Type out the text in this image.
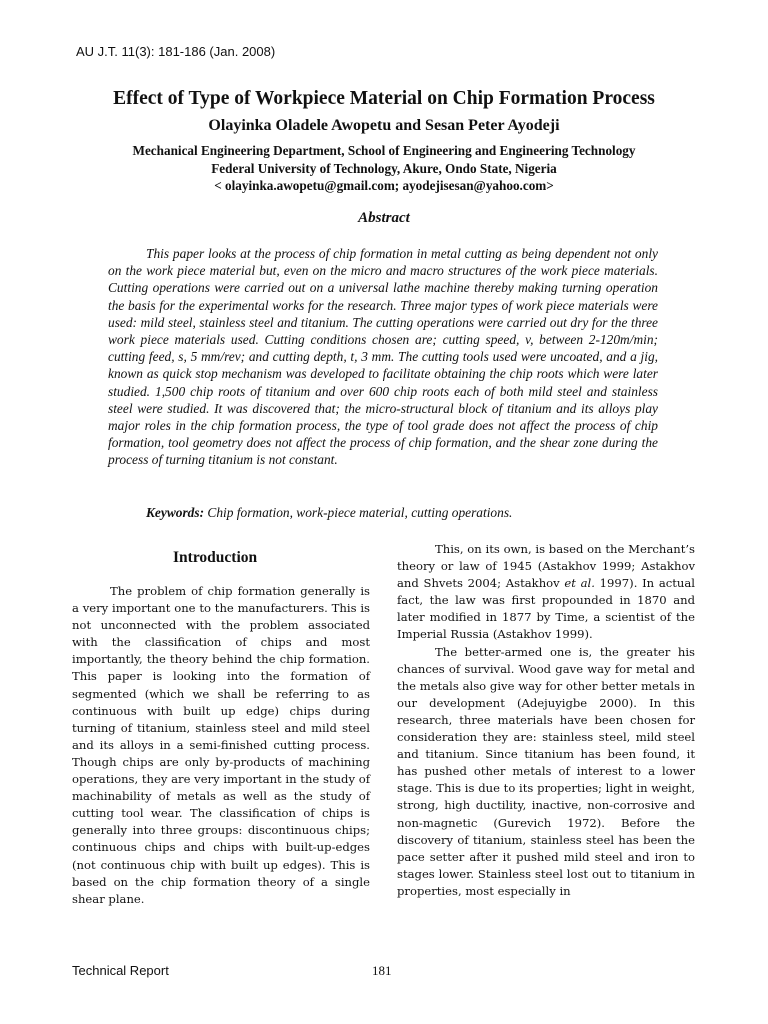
AU J.T. 11(3): 181-186 (Jan. 2008)
Effect of Type of Workpiece Material on Chip Formation Process
Olayinka Oladele Awopetu and Sesan Peter Ayodeji
Mechanical Engineering Department, School of Engineering and Engineering Technology
Federal University of Technology, Akure, Ondo State, Nigeria
< olayinka.awopetu@gmail.com; ayodejisesan@yahoo.com>
Abstract

This paper looks at the process of chip formation in metal cutting as being dependent not only on the work piece material but, even on the micro and macro structures of the work piece materials. Cutting operations were carried out on a universal lathe machine thereby making turning operation the basis for the experimental works for the research. Three major types of work piece materials were used: mild steel, stainless steel and titanium. The cutting operations were carried out dry for the three work piece materials used. Cutting conditions chosen are; cutting speed, v, between 2-120m/min; cutting feed, s, 5 mm/rev; and cutting depth, t, 3 mm. The cutting tools used were uncoated, and a jig, known as quick stop mechanism was developed to facilitate obtaining the chip roots which were later studied. 1,500 chip roots of titanium and over 600 chip roots each of both mild steel and stainless steel were studied. It was discovered that; the micro-structural block of titanium and its alloys play major roles in the chip formation process, the type of tool grade does not affect the process of chip formation, tool geometry does not affect the process of chip formation, and the shear zone during the process of turning titanium is not constant.

Keywords: Chip formation, work-piece material, cutting operations.
Introduction

The problem of chip formation generally is a very important one to the manufacturers. This is not unconnected with the problem associated with the classification of chips and most importantly, the theory behind the chip formation. This paper is looking into the formation of segmented (which we shall be referring to as continuous with built up edge) chips during turning of titanium, stainless steel and mild steel and its alloys in a semi-finished cutting process. Though chips are only by-products of machining operations, they are very important in the study of machinability of metals as well as the study of cutting tool wear. The classification of chips is generally into three groups: discontinuous chips; continuous chips and chips with built-up-edges (not continuous chip with built up edges). This is based on the chip formation theory of a single shear plane.

This, on its own, is based on the Merchant’s theory or law of 1945 (Astakhov 1999; Astakhov and Shvets 2004; Astakhov et al. 1997). In actual fact, the law was first propounded in 1870 and later modified in 1877 by Time, a scientist of the Imperial Russia (Astakhov 1999).

The better-armed one is, the greater his chances of survival. Wood gave way for metal and the metals also give way for other better metals in our development (Adejuyigbe 2000). In this research, three materials have been chosen for consideration they are: stainless steel, mild steel and titanium. Since titanium has been found, it has pushed other metals of interest to a lower stage. This is due to its properties; light in weight, strong, high ductility, inactive, non-corrosive and non-magnetic (Gurevich 1972). Before the discovery of titanium, stainless steel has been the pace setter after it pushed mild steel and iron to stages lower. Stainless steel lost out to titanium in properties, most especially in

Technical Report	181
